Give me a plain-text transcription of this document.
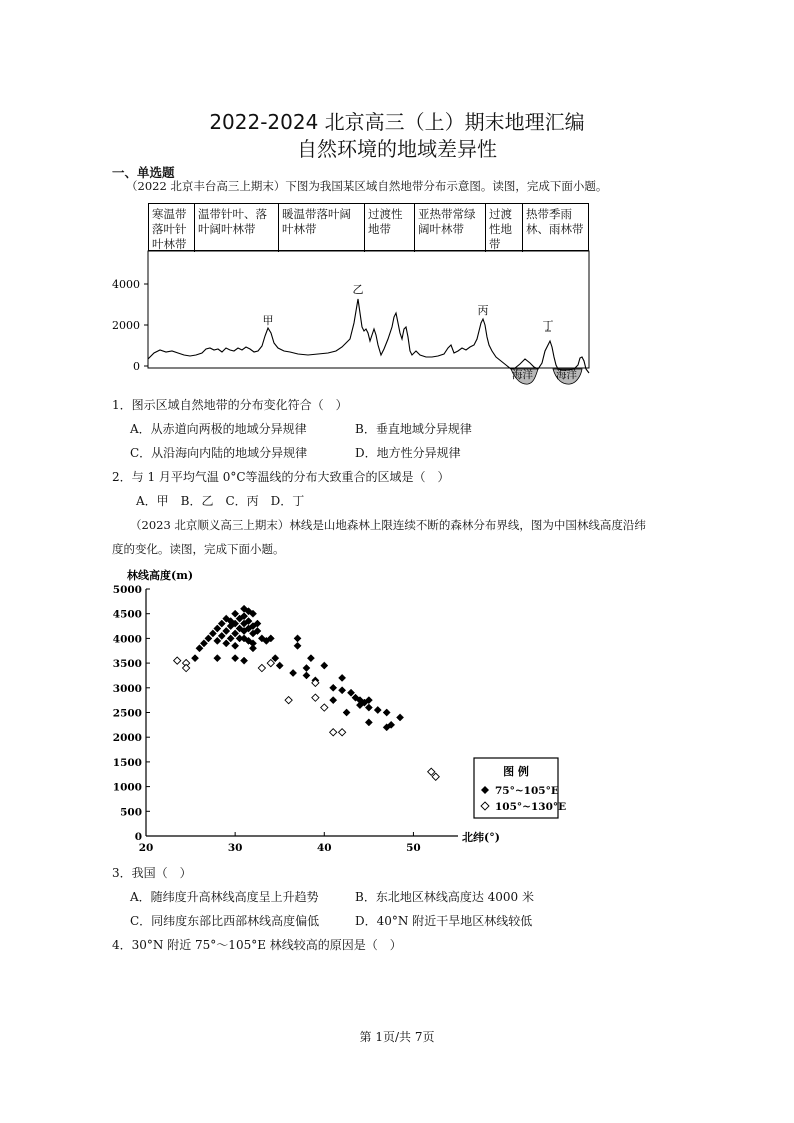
2022-2024 北京高三（上）期末地理汇编
自然环境的地域差异性
一、单选题
（2022 北京丰台高三上期末）下图为我国某区域自然地带分布示意图。读图，完成下面小题。
寒温带落叶针叶林带
温带针叶、落叶阔叶林带
暖温带落叶阔叶林带
过渡性地带
亚热带常绿阔叶林带
过渡性地带
热带季雨林、雨林带
4000
2000
0
海洋 海洋
甲
乙
丙
丁
1．图示区域自然地带的分布变化符合（　）
A．从赤道向两极的地域分异规律	B．垂直地域分异规律
C．从沿海向内陆的地域分异规律	D．地方性分异规律
2．与 1 月平均气温 0°C等温线的分布大致重合的区域是（　）
A．甲　B．乙　C．丙　D．丁
（2023 北京顺义高三上期末）林线是山地森林上限连续不断的森林分布界线，图为中国林线高度沿纬
度的变化。读图，完成下面小题。
林线高度(m)
北纬(°)
0
500
1000
1500
2000
2500
3000
3500
4000
4500
5000
20	30	40	50
图 例
75°~105°E
105°~130°E
3．我国（　）
A．随纬度升高林线高度呈上升趋势	B．东北地区林线高度达 4000 米
C．同纬度东部比西部林线高度偏低	D．40°N 附近干旱地区林线较低
4．30°N 附近 75°～105°E 林线较高的原因是（　）
第 1页/共 7页
